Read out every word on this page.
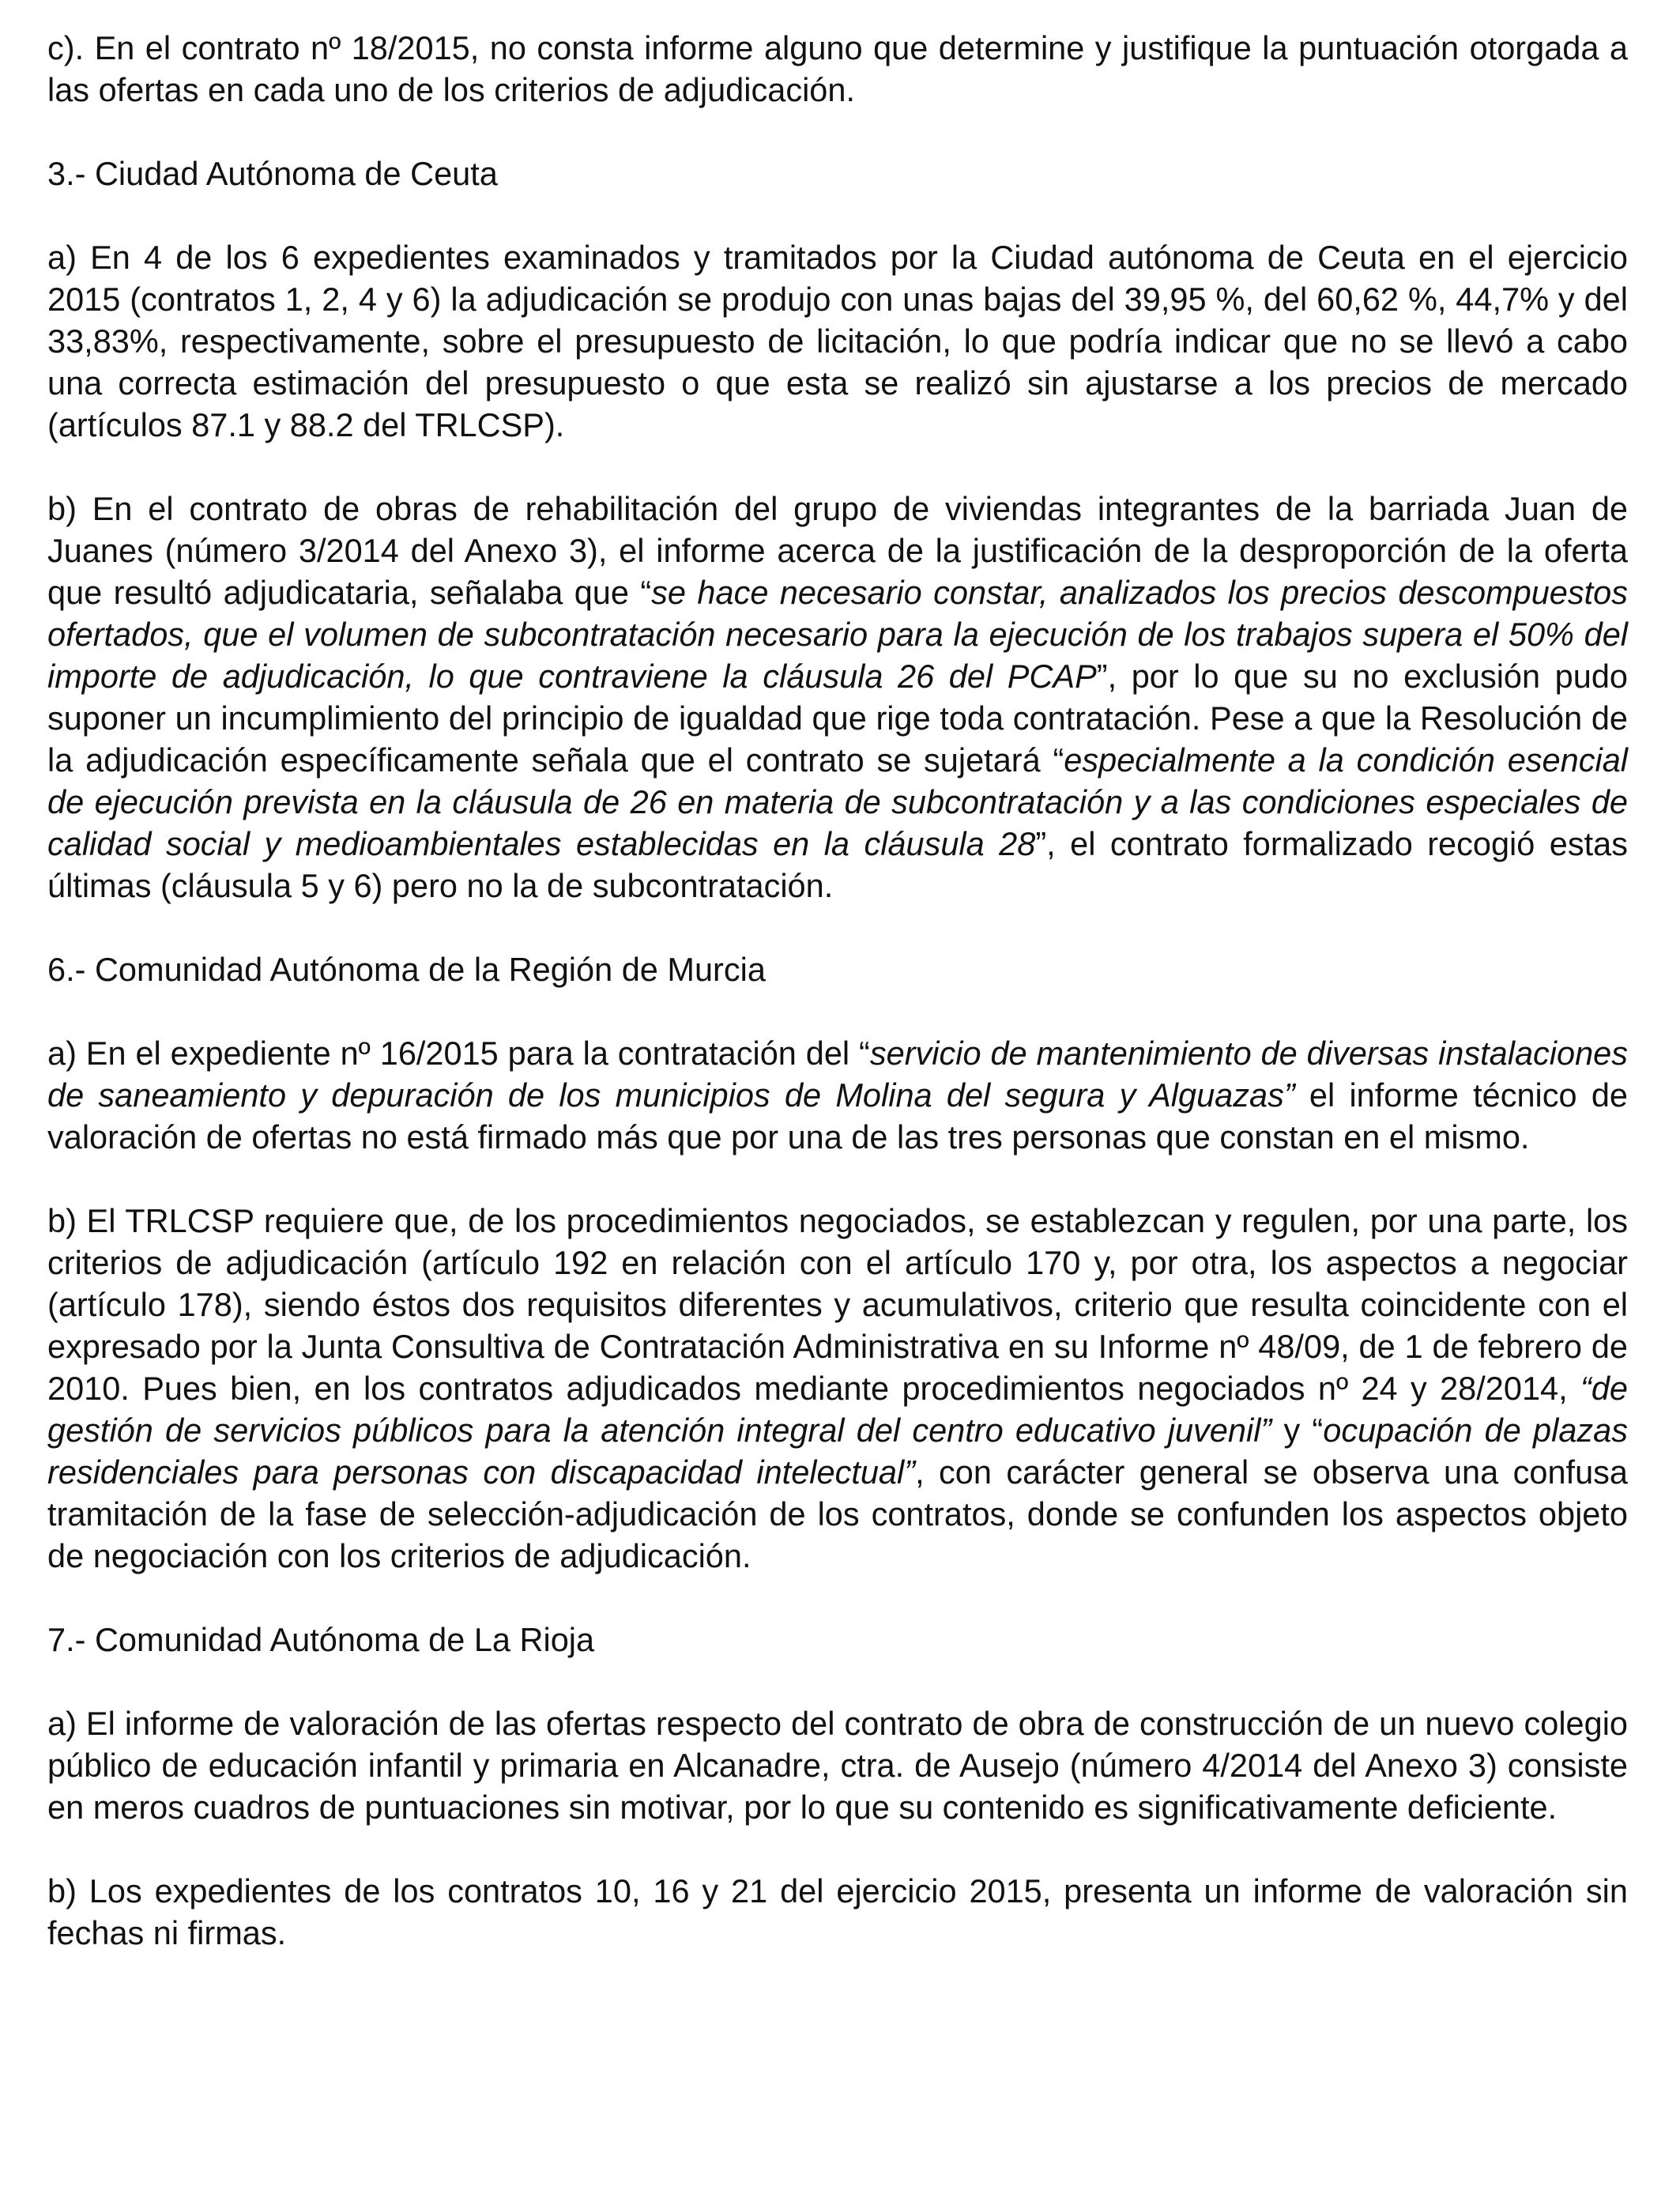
c). En el contrato nº 18/2015, no consta informe alguno que determine y justifique la puntuación otorgada a las ofertas en cada uno de los criterios de adjudicación.

3.- Ciudad Autónoma de Ceuta

a) En 4 de los 6 expedientes examinados y tramitados por la Ciudad autónoma de Ceuta en el ejercicio 2015 (contratos 1, 2, 4 y 6) la adjudicación se produjo con unas bajas del 39,95 %, del 60,62 %, 44,7% y del 33,83%, respectivamente, sobre el presupuesto de licitación, lo que podría indicar que no se llevó a cabo una correcta estimación del presupuesto o que esta se realizó sin ajustarse a los precios de mercado (artículos 87.1 y 88.2 del TRLCSP).

b) En el contrato de obras de rehabilitación del grupo de viviendas integrantes de la barriada Juan de Juanes (número 3/2014 del Anexo 3), el informe acerca de la justificación de la desproporción de la oferta que resultó adjudicataria, señalaba que “se hace necesario constar, analizados los precios descompuestos ofertados, que el volumen de subcontratación necesario para la ejecución de los trabajos supera el 50% del importe de adjudicación, lo que contraviene la cláusula 26 del PCAP”, por lo que su no exclusión pudo suponer un incumplimiento del principio de igualdad que rige toda contratación. Pese a que la Resolución de la adjudicación específicamente señala que el contrato se sujetará “especialmente a la condición esencial de ejecución prevista en la cláusula de 26 en materia de subcontratación y a las condiciones especiales de calidad social y medioambientales establecidas en la cláusula 28”, el contrato formalizado recogió estas últimas (cláusula 5 y 6) pero no la de subcontratación.

6.- Comunidad Autónoma de la Región de Murcia

a) En el expediente nº 16/2015 para la contratación del “servicio de mantenimiento de diversas instalaciones de saneamiento y depuración de los municipios de Molina del segura y Alguazas” el informe técnico de valoración de ofertas no está firmado más que por una de las tres personas que constan en el mismo.

b) El TRLCSP requiere que, de los procedimientos negociados, se establezcan y regulen, por una parte, los criterios de adjudicación (artículo 192 en relación con el artículo 170 y, por otra, los aspectos a negociar (artículo 178), siendo éstos dos requisitos diferentes y acumulativos, criterio que resulta coincidente con el expresado por la Junta Consultiva de Contratación Administrativa en su Informe nº 48/09, de 1 de febrero de 2010. Pues bien, en los contratos adjudicados mediante procedimientos negociados nº 24 y 28/2014, “de gestión de servicios públicos para la atención integral del centro educativo juvenil” y “ocupación de plazas residenciales para personas con discapacidad intelectual”, con carácter general se observa una confusa tramitación de la fase de selección-adjudicación de los contratos, donde se confunden los aspectos objeto de negociación con los criterios de adjudicación.

7.- Comunidad Autónoma de La Rioja

a) El informe de valoración de las ofertas respecto del contrato de obra de construcción de un nuevo colegio público de educación infantil y primaria en Alcanadre, ctra. de Ausejo (número 4/2014 del Anexo 3) consiste en meros cuadros de puntuaciones sin motivar, por lo que su contenido es significativamente deficiente.

b) Los expedientes de los contratos 10, 16 y 21 del ejercicio 2015, presenta un informe de valoración sin fechas ni firmas.
